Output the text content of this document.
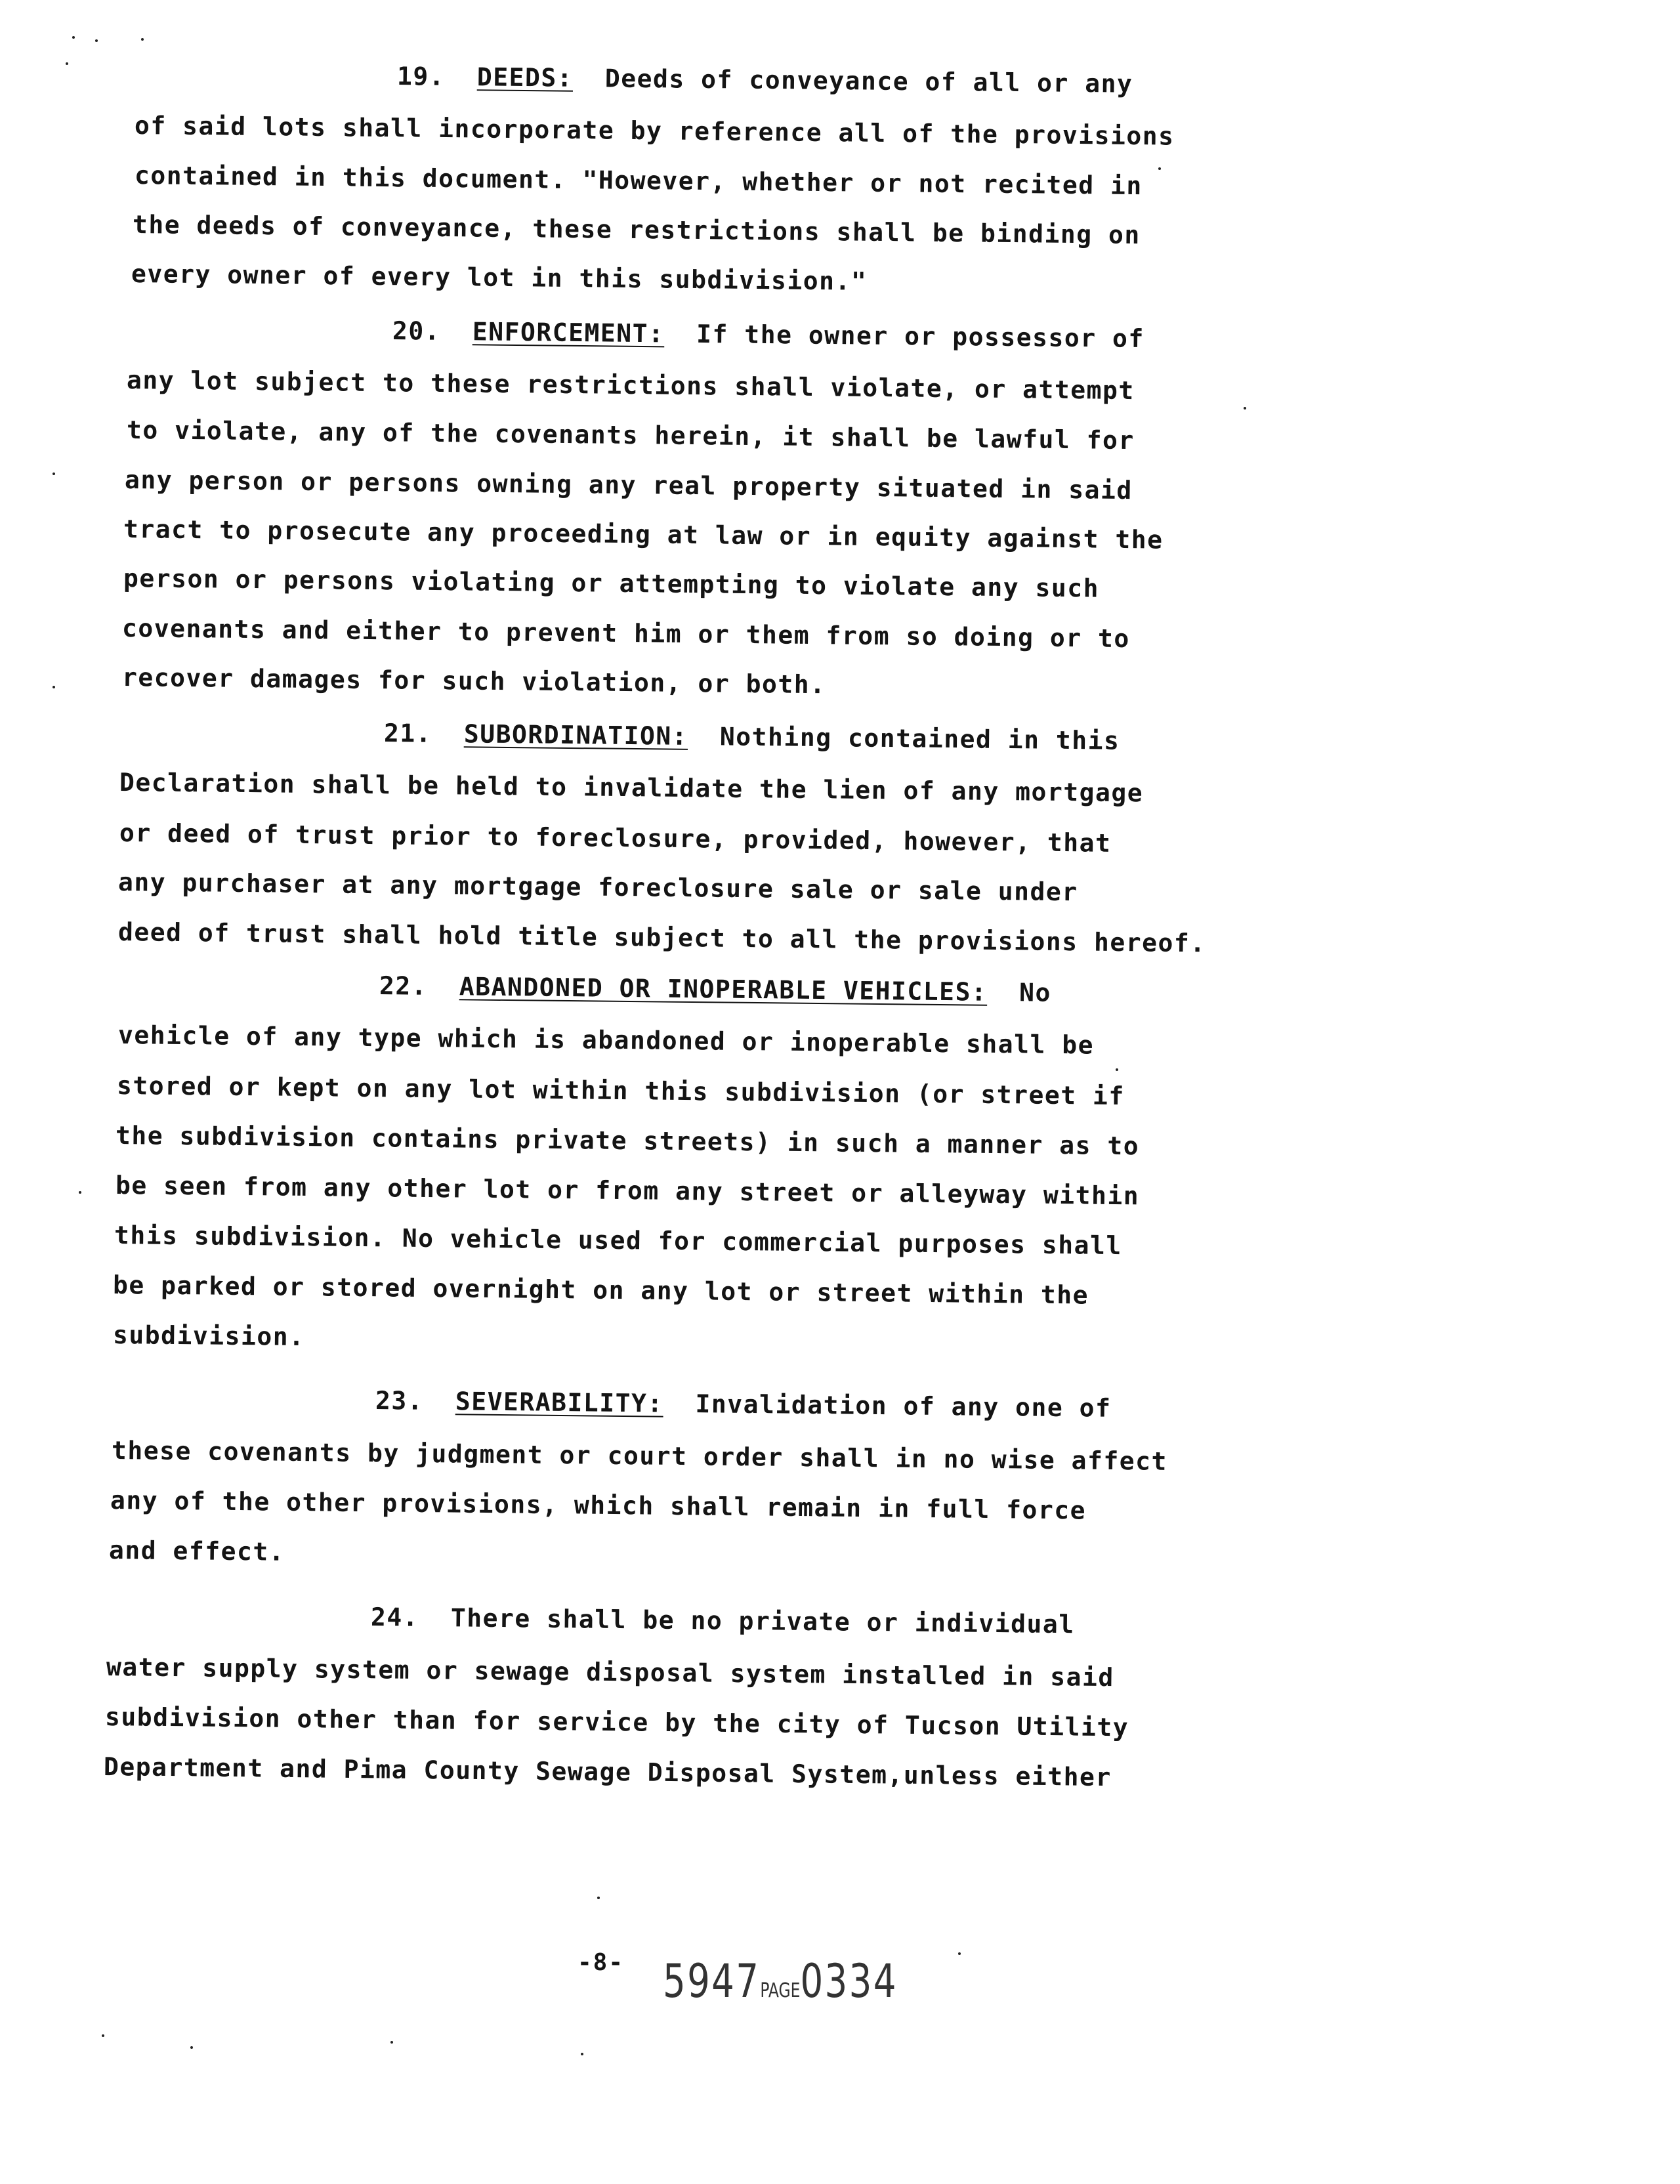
19. DEEDS: Deeds of conveyance of all or any
of said lots shall incorporate by reference all of the provisions
contained in this document. "However, whether or not recited in
the deeds of conveyance, these restrictions shall be binding on
every owner of every lot in this subdivision."
20. ENFORCEMENT: If the owner or possessor of
any lot subject to these restrictions shall violate, or attempt
to violate, any of the covenants herein, it shall be lawful for
any person or persons owning any real property situated in said
tract to prosecute any proceeding at law or in equity against the
person or persons violating or attempting to violate any such
covenants and either to prevent him or them from so doing or to
recover damages for such violation, or both.
21. SUBORDINATION: Nothing contained in this
Declaration shall be held to invalidate the lien of any mortgage
or deed of trust prior to foreclosure, provided, however, that
any purchaser at any mortgage foreclosure sale or sale under
deed of trust shall hold title subject to all the provisions hereof.
22. ABANDONED OR INOPERABLE VEHICLES: No
vehicle of any type which is abandoned or inoperable shall be
stored or kept on any lot within this subdivision (or street if
the subdivision contains private streets) in such a manner as to
be seen from any other lot or from any street or alleyway within
this subdivision. No vehicle used for commercial purposes shall
be parked or stored overnight on any lot or street within the
subdivision.
23. SEVERABILITY: Invalidation of any one of
these covenants by judgment or court order shall in no wise affect
any of the other provisions, which shall remain in full force
and effect.
24. There shall be no private or individual
water supply system or sewage disposal system installed in said
subdivision other than for service by the city of Tucson Utility
Department and Pima County Sewage Disposal System,unless either
-8- 5947PAGE0334
